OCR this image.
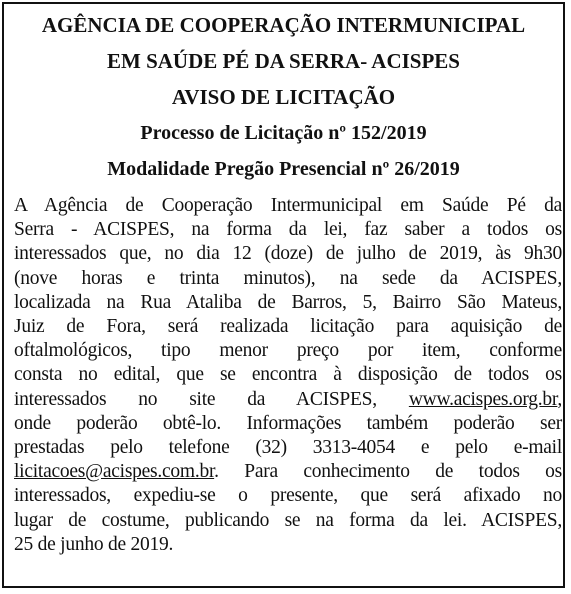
AGÊNCIA DE COOPERAÇÃO INTERMUNICIPAL
EM SAÚDE PÉ DA SERRA- ACISPES
AVISO DE LICITAÇÃO
Processo de Licitação nº 152/2019
Modalidade Pregão Presencial nº 26/2019
A Agência de Cooperação Intermunicipal em Saúde Pé da
Serra - ACISPES, na forma da lei, faz saber a todos os
interessados que, no dia 12 (doze) de julho de 2019, às 9h30
(nove horas e trinta minutos), na sede da ACISPES,
localizada na Rua Ataliba de Barros, 5, Bairro São Mateus,
Juiz de Fora, será realizada licitação para aquisição de
oftalmológicos, tipo menor preço por item, conforme
consta no edital, que se encontra à disposição de todos os
interessados no site da ACISPES, www.acispes.org.br,
onde poderão obtê-lo. Informações também poderão ser
prestadas pelo telefone (32) 3313-4054 e pelo e-mail
licitacoes@acispes.com.br. Para conhecimento de todos os
interessados, expediu-se o presente, que será afixado no
lugar de costume, publicando se na forma da lei. ACISPES,
25 de junho de 2019.
